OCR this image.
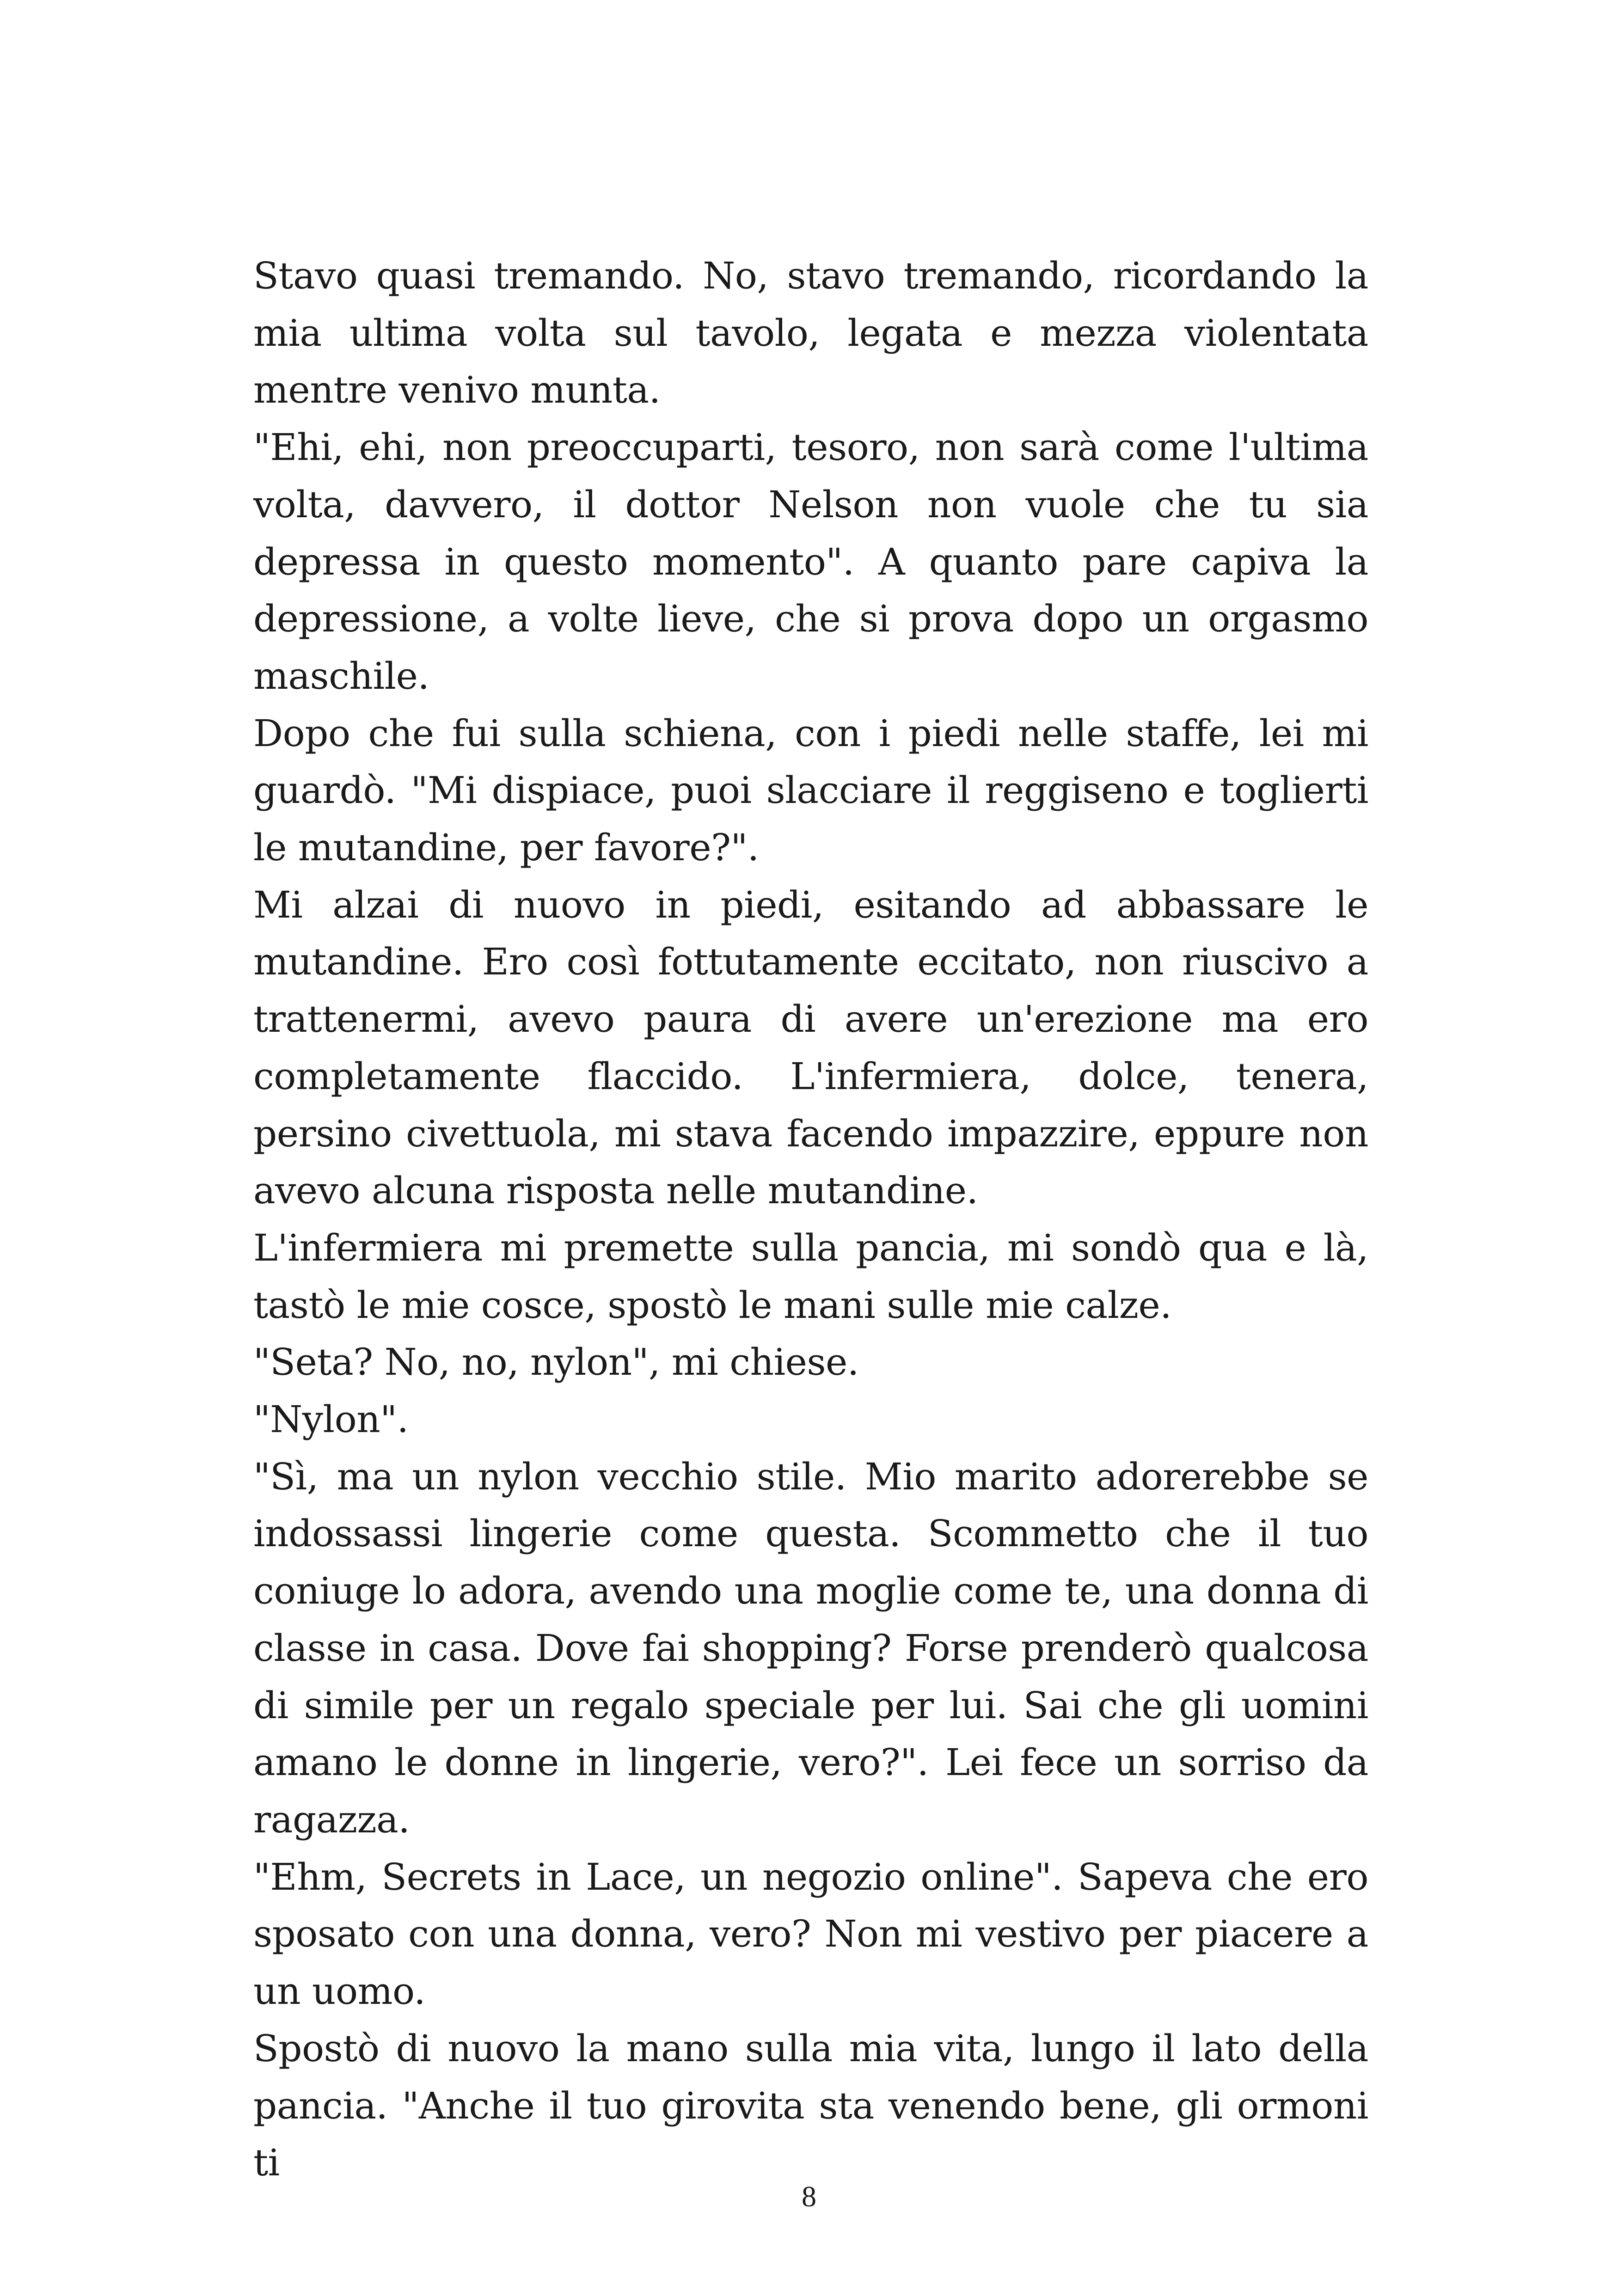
Stavo quasi tremando. No, stavo tremando, ricordando la mia ultima volta sul tavolo, legata e mezza violentata mentre venivo munta.

"Ehi, ehi, non preoccuparti, tesoro, non sarà come l'ultima volta, davvero, il dottor Nelson non vuole che tu sia depressa in questo momento". A quanto pare capiva la depressione, a volte lieve, che si prova dopo un orgasmo maschile.

Dopo che fui sulla schiena, con i piedi nelle staffe, lei mi guardò. "Mi dispiace, puoi slacciare il reggiseno e toglierti le mutandine, per favore?".

Mi alzai di nuovo in piedi, esitando ad abbassare le mutandine. Ero così fottutamente eccitato, non riuscivo a trattenermi, avevo paura di avere un'erezione ma ero completamente flaccido. L'infermiera, dolce, tenera, persino civettuola, mi stava facendo impazzire, eppure non avevo alcuna risposta nelle mutandine.

L'infermiera mi premette sulla pancia, mi sondò qua e là, tastò le mie cosce, spostò le mani sulle mie calze.

"Seta? No, no, nylon", mi chiese.

"Nylon".

"Sì, ma un nylon vecchio stile. Mio marito adorerebbe se indossassi lingerie come questa. Scommetto che il tuo coniuge lo adora, avendo una moglie come te, una donna di classe in casa. Dove fai shopping? Forse prenderò qualcosa di simile per un regalo speciale per lui. Sai che gli uomini amano le donne in lingerie, vero?". Lei fece un sorriso da ragazza.

"Ehm, Secrets in Lace, un negozio online". Sapeva che ero sposato con una donna, vero? Non mi vestivo per piacere a un uomo.

Spostò di nuovo la mano sulla mia vita, lungo il lato della pancia. "Anche il tuo girovita sta venendo bene, gli ormoni ti

8
